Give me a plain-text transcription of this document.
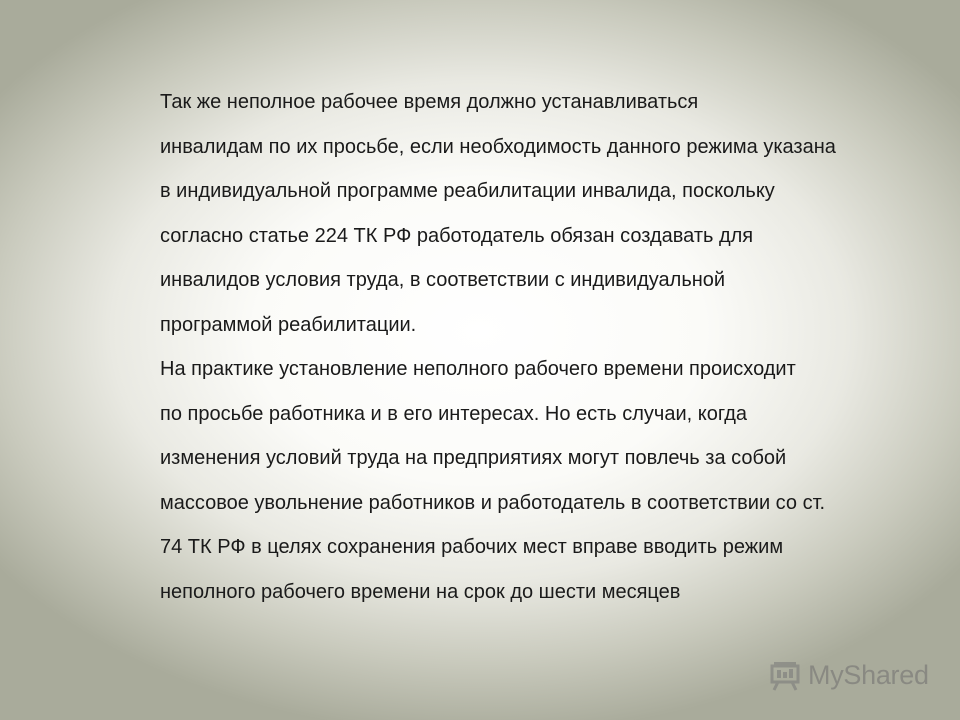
Так же неполное рабочее время должно устанавливаться
инвалидам по их просьбе, если необходимость данного режима указана
в индивидуальной программе реабилитации инвалида, поскольку
согласно статье 224 ТК РФ работодатель обязан создавать для
инвалидов условия труда, в соответствии с индивидуальной
программой реабилитации.

На практике установление неполного рабочего времени происходит
по просьбе работника и в его интересах. Но есть случаи, когда
изменения условий труда на предприятиях могут повлечь за собой
массовое увольнение работников и работодатель в соответствии со ст.
74 ТК РФ в целях сохранения рабочих мест вправе вводить режим
неполного рабочего времени на срок до шести месяцев

MyShared
